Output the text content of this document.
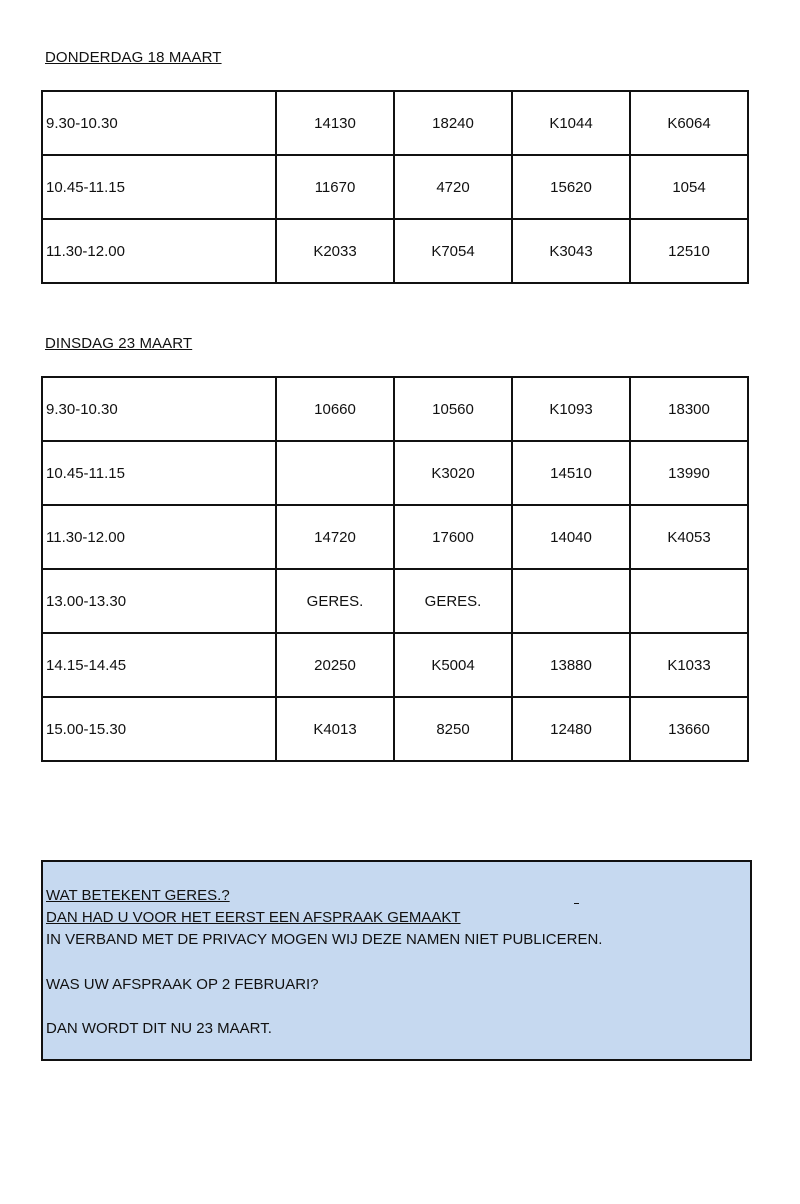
DONDERDAG 18 MAART
9.30-10.30	14130	18240	K1044	K6064
10.45-11.15	11670	4720	15620	1054
11.30-12.00	K2033	K7054	K3043	12510
DINSDAG 23 MAART
9.30-10.30	10660	10560	K1093	18300
10.45-11.15		K3020	14510	13990
11.30-12.00	14720	17600	14040	K4053
13.00-13.30	GERES.	GERES.		
14.15-14.45	20250	K5004	13880	K1033
15.00-15.30	K4013	8250	12480	13660

WAT BETEKENT GERES.?

DAN HAD U VOOR HET EERST EEN AFSPRAAK GEMAAKT

IN VERBAND MET DE PRIVACY MOGEN WIJ DEZE NAMEN NIET PUBLICEREN.

WAS UW AFSPRAAK OP 2 FEBRUARI?

DAN WORDT DIT NU 23 MAART.
